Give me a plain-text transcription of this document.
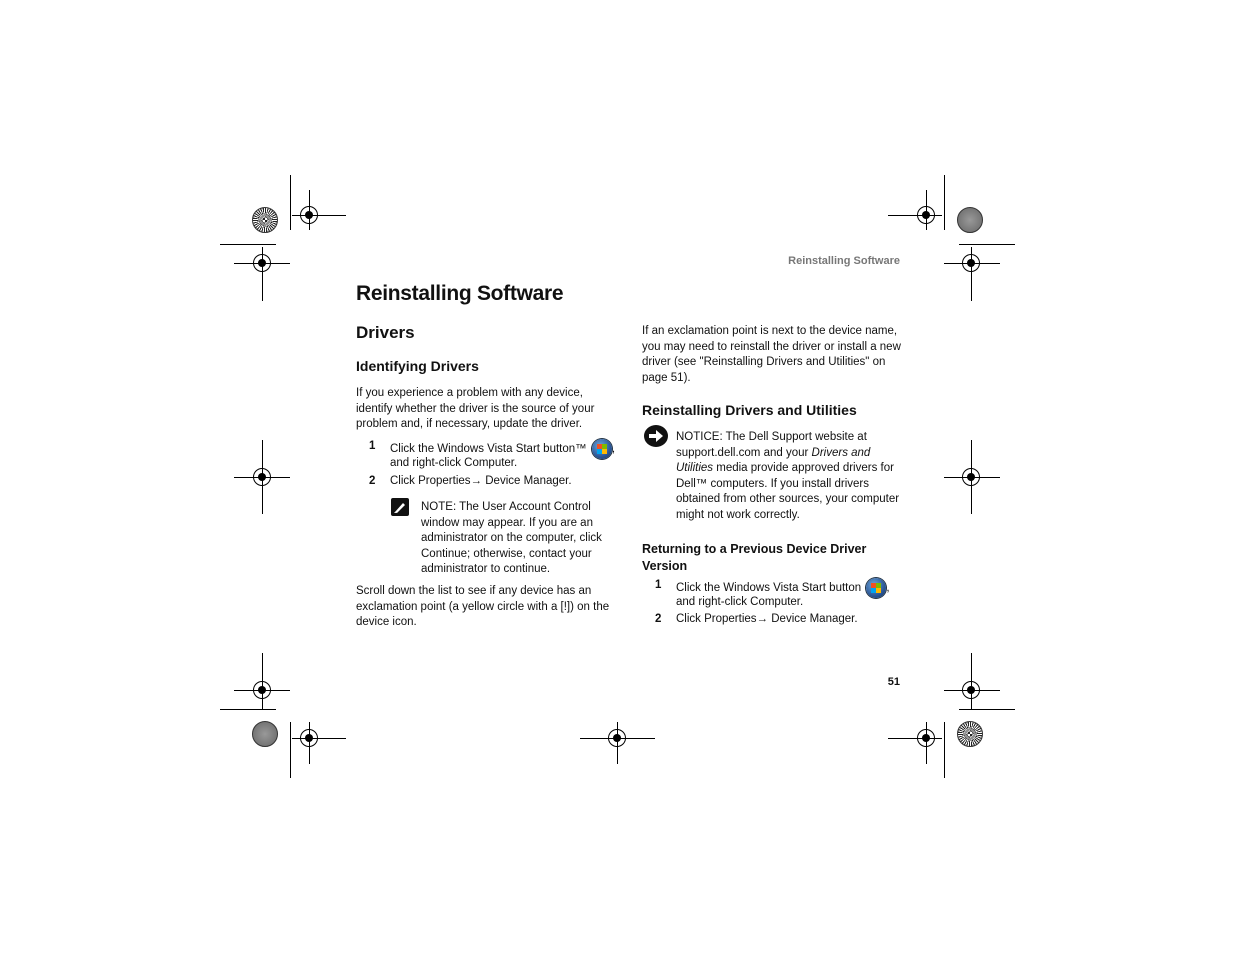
Reinstalling Software
Reinstalling Software
Drivers
Identifying Drivers
If you experience a problem with any device,
identify whether the driver is the source of your
problem and, if necessary, update the driver.
1 Click the Windows Vista Start button™ ,
and right-click Computer.
2 Click Properties→ Device Manager.
NOTE: The User Account Control
window may appear. If you are an
administrator on the computer, click
Continue; otherwise, contact your
administrator to continue.
Scroll down the list to see if any device has an
exclamation point (a yellow circle with a [!]) on the
device icon.
If an exclamation point is next to the device name,
you may need to reinstall the driver or install a new
driver (see "Reinstalling Drivers and Utilities" on
page 51).
Reinstalling Drivers and Utilities
NOTICE: The Dell Support website at
support.dell.com and your Drivers and
Utilities media provide approved drivers for
Dell™ computers. If you install drivers
obtained from other sources, your computer
might not work correctly.
Returning to a Previous Device Driver
Version
1 Click the Windows Vista Start button ,
and right-click Computer.
2 Click Properties→ Device Manager.
51
